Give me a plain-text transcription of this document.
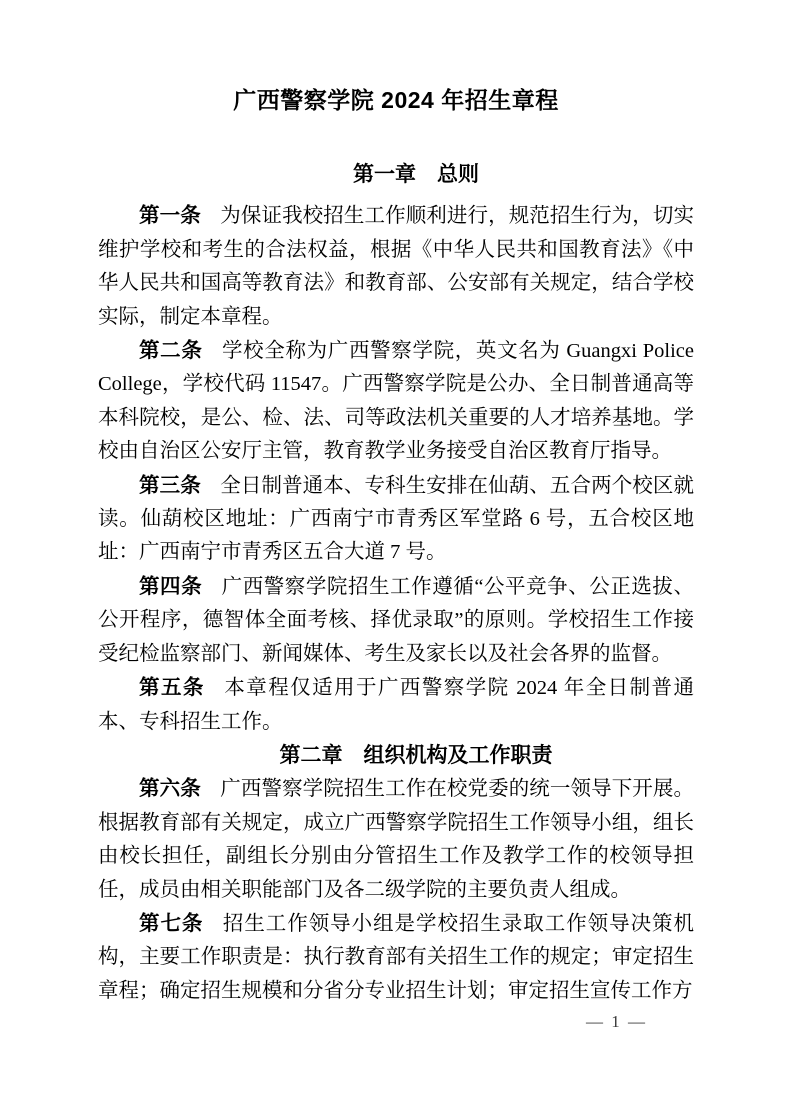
广西警察学院 2024 年招生章程
第一章　总则

第一条 为保证我校招生工作顺利进行，规范招生行为，切实维护学校和考生的合法权益，根据《中华人民共和国教育法》《中华人民共和国高等教育法》和教育部、公安部有关规定，结合学校实际，制定本章程。

第二条 学校全称为广西警察学院，英文名为 Guangxi Police College，学校代码 11547。广西警察学院是公办、全日制普通高等本科院校，是公、检、法、司等政法机关重要的人才培养基地。学校由自治区公安厅主管，教育教学业务接受自治区教育厅指导。

第三条 全日制普通本、专科生安排在仙葫、五合两个校区就读。仙葫校区地址：广西南宁市青秀区军堂路 6 号，五合校区地址：广西南宁市青秀区五合大道 7 号。

第四条 广西警察学院招生工作遵循“公平竞争、公正选拔、公开程序，德智体全面考核、择优录取”的原则。学校招生工作接受纪检监察部门、新闻媒体、考生及家长以及社会各界的监督。

第五条 本章程仅适用于广西警察学院 2024 年全日制普通本、专科招生工作。

第二章　组织机构及工作职责

第六条 广西警察学院招生工作在校党委的统一领导下开展。根据教育部有关规定，成立广西警察学院招生工作领导小组，组长由校长担任，副组长分别由分管招生工作及教学工作的校领导担任，成员由相关职能部门及各二级学院的主要负责人组成。

第七条 招生工作领导小组是学校招生录取工作领导决策机构，主要工作职责是：执行教育部有关招生工作的规定；审定招生章程；确定招生规模和分省分专业招生计划；审定招生宣传工作方

— 1 —
